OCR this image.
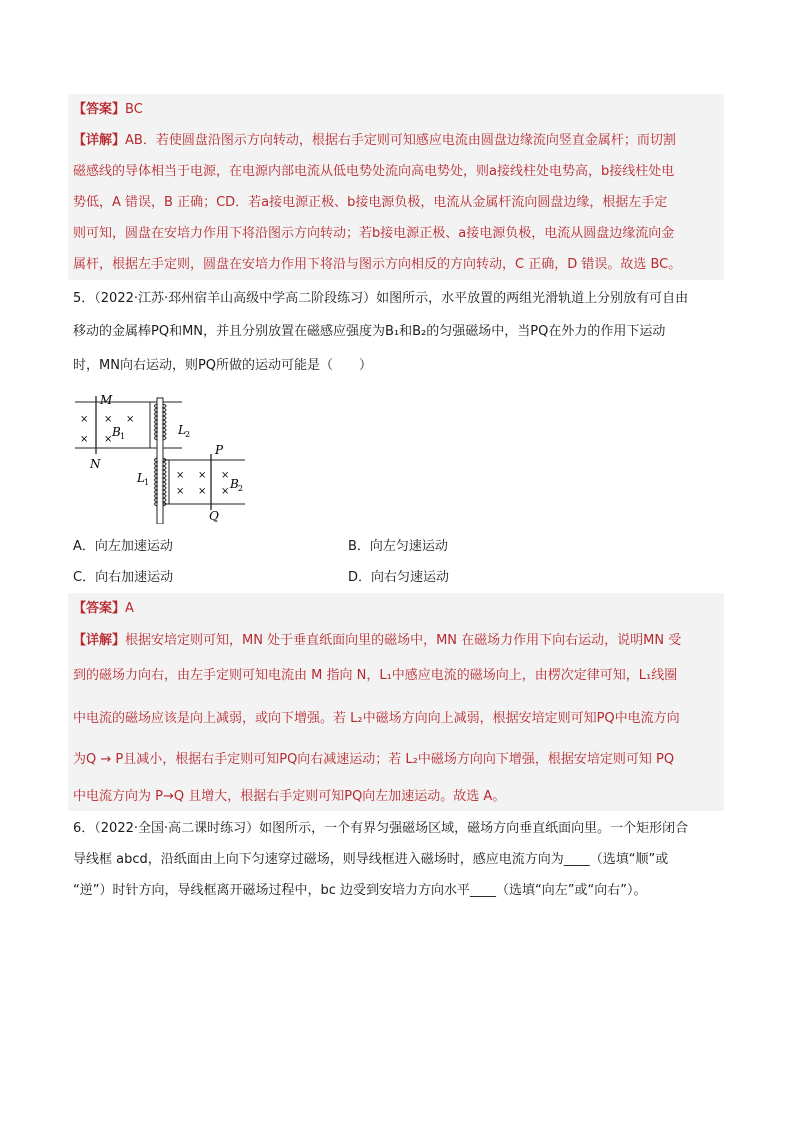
【答案】BC
【详解】AB．若使圆盘沿图示方向转动，根据右手定则可知感应电流由圆盘边缘流向竖直金属杆；而切割
磁感线的导体相当于电源，在电源内部电流从低电势处流向高电势处，则a接线柱处电势高，b接线柱处电
势低，A 错误，B 正确；CD．若a接电源正极、b接电源负极，电流从金属杆流向圆盘边缘，根据左手定
则可知，圆盘在安培力作用下将沿图示方向转动；若b接电源正极、a接电源负极，电流从圆盘边缘流向金
属杆，根据左手定则，圆盘在安培力作用下将沿与图示方向相反的方向转动，C 正确，D 错误。故选 BC。
5．（2022·江苏·邳州宿羊山高级中学高二阶段练习）如图所示，水平放置的两组光滑轨道上分别放有可自由
移动的金属棒PQ和MN，并且分别放置在磁感应强度为B₁和B₂的匀强磁场中，当PQ在外力的作用下运动
时，MN向右运动，则PQ所做的运动可能是（　　）
×
×
×
×
×
×
×
×
×
×
×
M
N
P
Q
B 1
B 2
L 2
L 1
A．向左加速运动	B．向左匀速运动
C．向右加速运动	D．向右匀速运动
【答案】A
【详解】根据安培定则可知，MN 处于垂直纸面向里的磁场中，MN 在磁场力作用下向右运动，说明MN 受
到的磁场力向右，由左手定则可知电流由 M 指向 N，L₁中感应电流的磁场向上，由楞次定律可知，L₁线圈
中电流的磁场应该是向上减弱，或向下增强。若 L₂中磁场方向向上减弱，根据安培定则可知PQ中电流方向
为Q → P且减小，根据右手定则可知PQ向右减速运动；若 L₂中磁场方向向下增强，根据安培定则可知 PQ
中电流方向为 P→Q 且增大，根据右手定则可知PQ向左加速运动。故选 A。
6．（2022·全国·高二课时练习）如图所示，一个有界匀强磁场区域，磁场方向垂直纸面向里。一个矩形闭合
导线框 abcd，沿纸面由上向下匀速穿过磁场，则导线框进入磁场时，感应电流方向为____（选填“顺”或
“逆”）时针方向，导线框离开磁场过程中，bc 边受到安培力方向水平____（选填“向左”或“向右”）。
